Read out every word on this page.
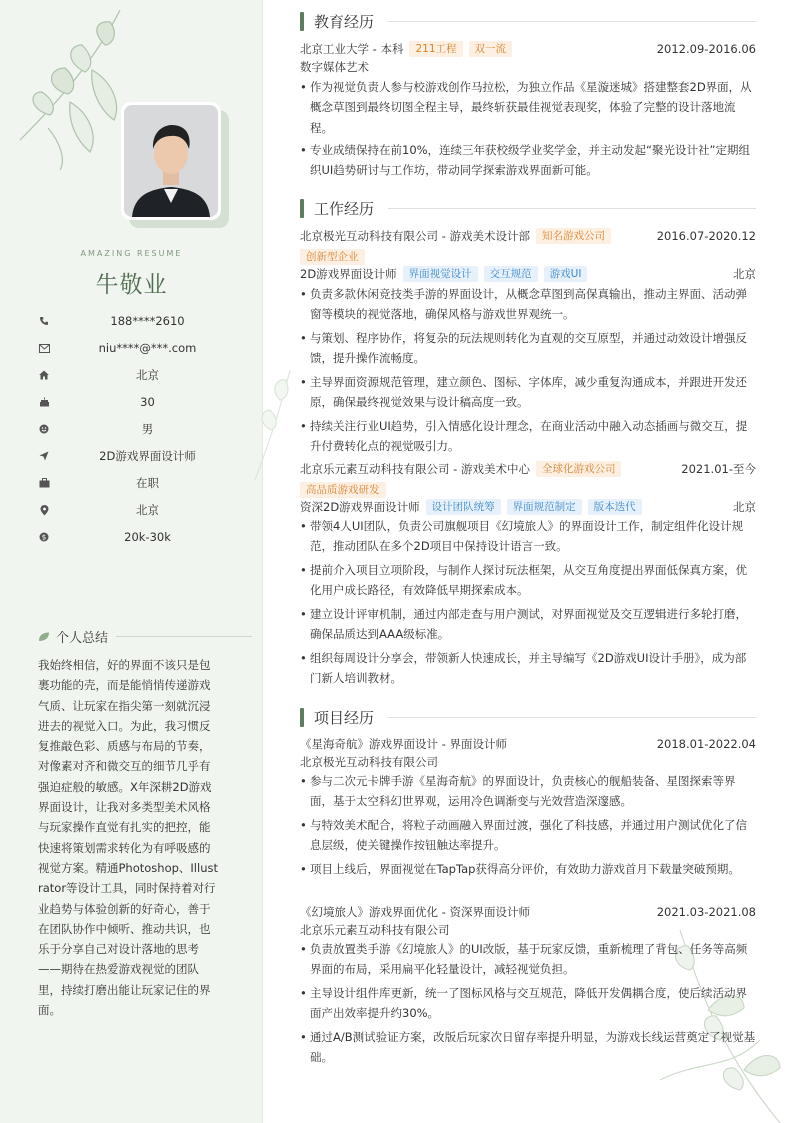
AMAZING RESUME
牛敬业
188****2610
niu****@***.com
北京
30
男
2D游戏界面设计师
在职
北京
$	20k-30k
个人总结
我始终相信，好的界面不该只是包裹功能的壳，而是能悄悄传递游戏气质、让玩家在指尖第一刻就沉浸进去的视觉入口。为此，我习惯反复推敲色彩、质感与布局的节奏，对像素对齐和微交互的细节几乎有强迫症般的敏感。X年深耕2D游戏界面设计，让我对多类型美术风格与玩家操作直觉有扎实的把控，能快速将策划需求转化为有呼吸感的视觉方案。精通Photoshop、Illustrator等设计工具，同时保持着对行业趋势与体验创新的好奇心，善于在团队协作中倾听、推动共识，也乐于分享自己对设计落地的思考——期待在热爱游戏视觉的团队里，持续打磨出能让玩家记住的界面。
教育经历
北京工业大学 - 本科	211工程	双一流	2012.09-2016.06
数字媒体艺术
• 作为视觉负责人参与校游戏创作马拉松，为独立作品《星漩迷城》搭建整套2D界面，从概念草图到最终切图全程主导，最终斩获最佳视觉表现奖，体验了完整的设计落地流程。
• 专业成绩保持在前10%，连续三年获校级学业奖学金，并主动发起“聚光设计社”定期组织UI趋势研讨与工作坊，带动同学探索游戏界面新可能。
工作经历
北京极光互动科技有限公司 - 游戏美术设计部	知名游戏公司	2016.07-2020.12
创新型企业
2D游戏界面设计师	界面视觉设计	交互规范	游戏UI	北京
• 负责多款休闲竞技类手游的界面设计，从概念草图到高保真输出，推动主界面、活动弹窗等模块的视觉落地，确保风格与游戏世界观统一。
• 与策划、程序协作，将复杂的玩法规则转化为直观的交互原型，并通过动效设计增强反馈，提升操作流畅度。
• 主导界面资源规范管理，建立颜色、图标、字体库，减少重复沟通成本，并跟进开发还原，确保最终视觉效果与设计稿高度一致。
• 持续关注行业UI趋势，引入情感化设计理念，在商业活动中融入动态插画与微交互，提升付费转化点的视觉吸引力。
北京乐元素互动科技有限公司 - 游戏美术中心	全球化游戏公司	2021.01-至今
高品质游戏研发
资深2D游戏界面设计师	设计团队统筹	界面规范制定	版本迭代	北京
• 带领4人UI团队，负责公司旗舰项目《幻境旅人》的界面设计工作，制定组件化设计规范，推动团队在多个2D项目中保持设计语言一致。
• 提前介入项目立项阶段，与制作人探讨玩法框架，从交互角度提出界面低保真方案，优化用户成长路径，有效降低早期探索成本。
• 建立设计评审机制，通过内部走查与用户测试，对界面视觉及交互逻辑进行多轮打磨，确保品质达到AAA级标准。
• 组织每周设计分享会，带领新人快速成长，并主导编写《2D游戏UI设计手册》，成为部门新人培训教材。
项目经历
《星海奇航》游戏界面设计 - 界面设计师	2018.01-2022.04
北京极光互动科技有限公司
• 参与二次元卡牌手游《星海奇航》的界面设计，负责核心的舰船装备、星图探索等界面，基于太空科幻世界观，运用冷色调渐变与光效营造深邃感。
• 与特效美术配合，将粒子动画融入界面过渡，强化了科技感，并通过用户测试优化了信息层级，使关键操作按钮触达率提升。
• 项目上线后，界面视觉在TapTap获得高分评价，有效助力游戏首月下载量突破预期。
《幻境旅人》游戏界面优化 - 资深界面设计师	2021.03-2021.08
北京乐元素互动科技有限公司
• 负责放置类手游《幻境旅人》的UI改版，基于玩家反馈，重新梳理了背包、任务等高频界面的布局，采用扁平化轻量设计，减轻视觉负担。
• 主导设计组件库更新，统一了图标风格与交互规范，降低开发偶耦合度，使后续活动界面产出效率提升约30%。
• 通过A/B测试验证方案，改版后玩家次日留存率提升明显，为游戏长线运营奠定了视觉基础。
